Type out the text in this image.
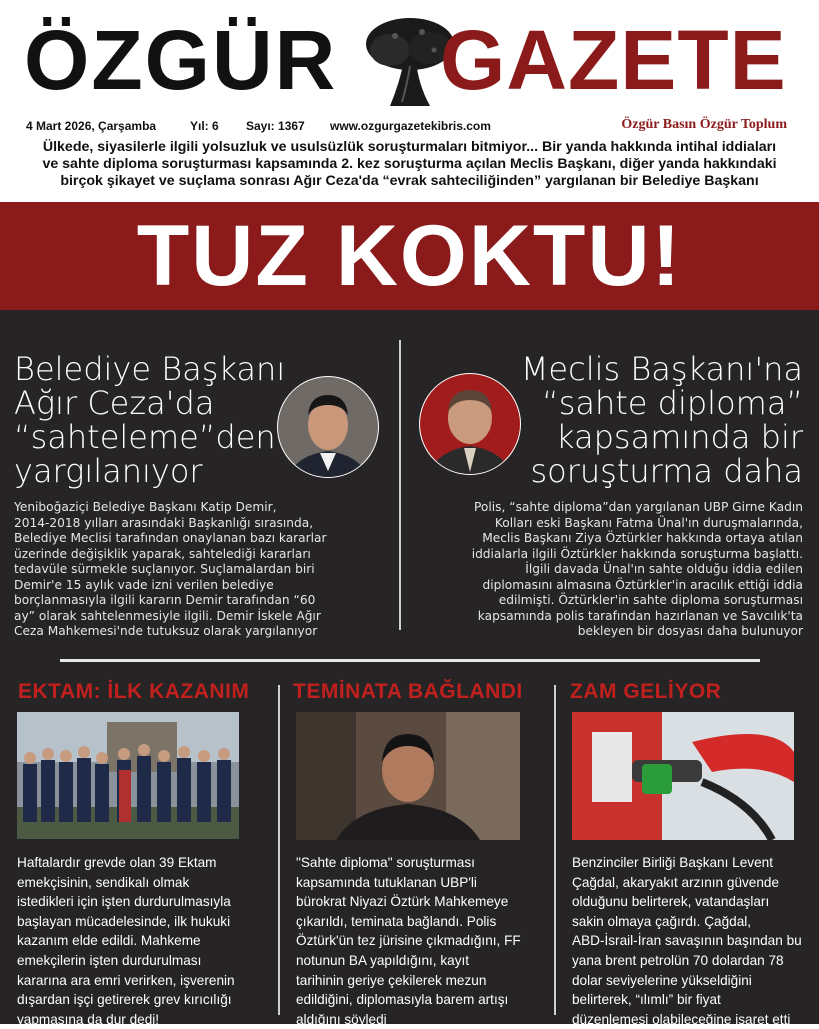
ÖZGÜR GAZETE
4 Mart 2026, Çarşamba	Yıl: 6 Sayı: 1367 www.ozgurgazetekibris.com	Özgür Basın Özgür Toplum
Ülkede, siyasilerle ilgili yolsuzluk ve usulsüzlük soruşturmaları bitmiyor... Bir yanda hakkında intihal iddiaları
ve sahte diploma soruşturması kapsamında 2. kez soruşturma açılan Meclis Başkanı, diğer yanda hakkındaki
birçok şikayet ve suçlama sonrası Ağır Ceza'da “evrak sahteciliğinden” yargılanan bir Belediye Başkanı
TUZ KOKTU!
Belediye Başkanı
Ağır Ceza'da
“sahteleme”den
yargılanıyor
Yeniboğaziçi Belediye Başkanı Katip Demir,
2014-2018 yılları arasındaki Başkanlığı sırasında,
Belediye Meclisi tarafından onaylanan bazı kararlar
üzerinde değişiklik yaparak, sahtelediği kararları
tedavüle sürmekle suçlanıyor. Suçlamalardan biri
Demir'e 15 aylık vade izni verilen belediye
borçlanmasıyla ilgili kararın Demir tarafından “60
ay” olarak sahtelenmesiyle ilgili. Demir İskele Ağır
Ceza Mahkemesi'nde tutuksuz olarak yargılanıyor
Meclis Başkanı'na
“sahte diploma”
kapsamında bir
soruşturma daha
Polis, “sahte diploma”dan yargılanan UBP Girne Kadın
Kolları eski Başkanı Fatma Ünal'ın duruşmalarında,
Meclis Başkanı Ziya Öztürkler hakkında ortaya atılan
iddialarla ilgili Öztürkler hakkında soruşturma başlattı.
İlgili davada Ünal'ın sahte olduğu iddia edilen
diplomasını almasına Öztürkler'in aracılık ettiği iddia
edilmişti. Öztürkler'in sahte diploma soruşturması
kapsamında polis tarafından hazırlanan ve Savcılık'ta
bekleyen bir dosyası daha bulunuyor
EKTAM: İLK KAZANIM TEMİNATA BAĞLANDI ZAM GELİYOR
Haftalardır grevde olan 39 Ektam
emekçisinin, sendikalı olmak
istedikleri için işten durdurulmasıyla
başlayan mücadelesinde, ilk hukuki
kazanım elde edildi. Mahkeme
emekçilerin işten durdurulması
kararına ara emri verirken, işverenin
dışardan işçi getirerek grev kırıcılığı
yapmasına da dur dedi!
"Sahte diploma" soruşturması
kapsamında tutuklanan UBP'li
bürokrat Niyazi Öztürk Mahkemeye
çıkarıldı, teminata bağlandı. Polis
Öztürk'ün tez jürisine çıkmadığını, FF
notunun BA yapıldığını, kayıt
tarihinin geriye çekilerek mezun
edildiğini, diplomasıyla barem artışı
aldığını söyledi
Benzinciler Birliği Başkanı Levent
Çağdal, akaryakıt arzının güvende
olduğunu belirterek, vatandaşları
sakin olmaya çağırdı. Çağdal,
ABD-İsrail-İran savaşının başından bu
yana brent petrolün 70 dolardan 78
dolar seviyelerine yükseldiğini
belirterek, “ılımlı” bir fiyat
düzenlemesi olabileceğine işaret etti
